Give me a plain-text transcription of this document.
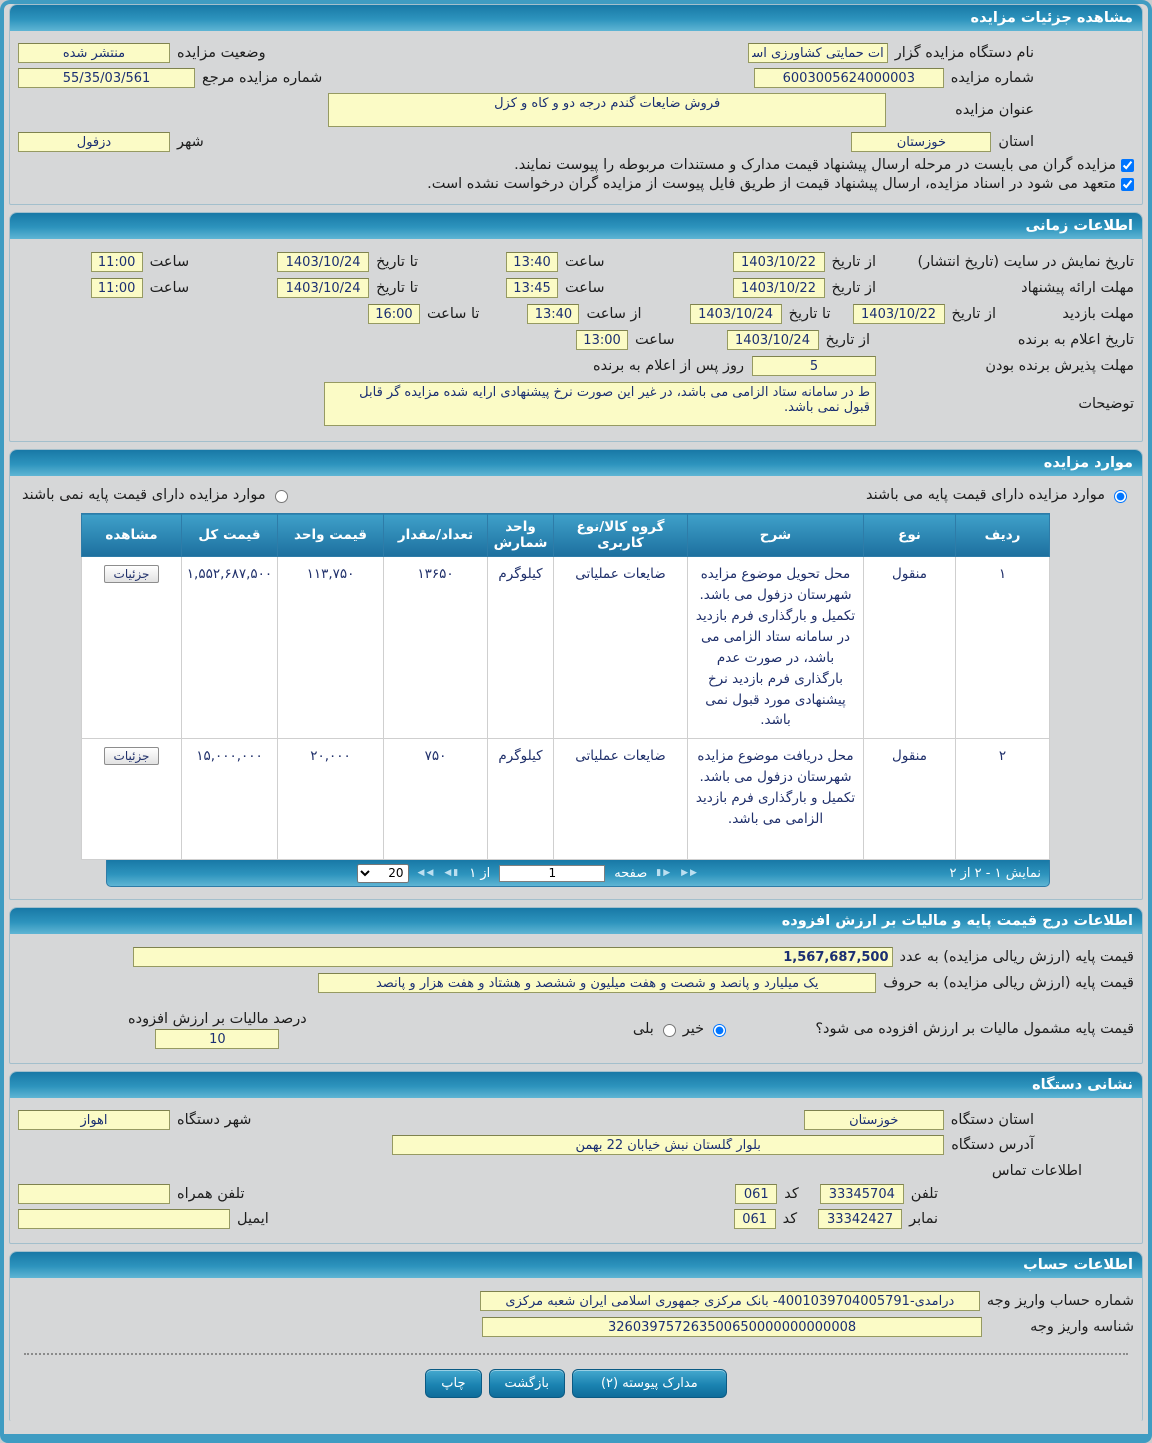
مشاهده جزئیات مزایده
نام دستگاه مزایده گزار
ات حمایتی کشاورزی استا
وضعیت مزایده
منتشر شده
شماره مزایده
6003005624000003
شماره مزایده مرجع
55/35/03/561
عنوان مزایده
فروش ضایعات گندم درجه دو و کاه و کزل
استان
خوزستان
شهر
دزفول
مزایده گران می بایست در مرحله ارسال پیشنهاد قیمت مدارک و مستندات مربوطه را پیوست نمایند.
متعهد می شود در اسناد مزایده، ارسال پیشنهاد قیمت از طریق فایل پیوست از مزایده گران درخواست نشده است.
اطلاعات زمانی
تاریخ نمایش در سایت ‎)‎تاریخ انتشار‎(‎
از تاریخ
1403/10/22
ساعت
13:40
تا تاریخ
1403/10/24
ساعت
11:00
مهلت ارائه پیشنهاد
از تاریخ
1403/10/22
ساعت
13:45
تا تاریخ
1403/10/24
ساعت
11:00
مهلت بازدید
از تاریخ
1403/10/22
تا تاریخ
1403/10/24
از ساعت
13:40
تا ساعت
16:00
تاریخ اعلام به برنده
از تاریخ
1403/10/24
ساعت
13:00
مهلت پذیرش برنده بودن
5
روز پس از اعلام به برنده
توضیحات
ط در سامانه ستاد الزامی می باشد، در غیر این صورت نرخ پیشنهادی ارایه شده مزایده گر قابل قبول نمی باشد.
موارد مزایده
موارد مزایده دارای قیمت پایه می باشند
موارد مزایده دارای قیمت پایه نمی باشند
ردیف	نوع	شرح	گروه کالا/نوع کاربری	واحد شمارش	تعداد/مقدار	قیمت واحد	قیمت کل	مشاهده
۱	منقول	محل تحویل موضوع مزایده شهرستان دزفول می باشد. تکمیل و بارگذاری فرم بازدید در سامانه ستاد الزامی می باشد، در صورت عدم بارگذاری فرم بازدید نرخ پیشنهادی مورد قبول نمی باشد.	ضایعات عملیاتی	کیلوگرم	۱۳۶۵۰	۱۱۳,۷۵۰	۱,۵۵۲,۶۸۷,۵۰۰	جزئیات
۲	منقول	محل دریافت موضوع مزایده شهرستان دزفول می باشد. تکمیل و بارگذاری فرم بازدید الزامی می باشد.	ضایعات عملیاتی	کیلوگرم	۷۵۰	۲۰,۰۰۰	۱۵,۰۰۰,۰۰۰	جزئیات
نمایش ۱ - ۲ از ۲
▶▶
▶▮
صفحه
1
از ۱
▮◀
◀◀
20
اطلاعات درج قیمت پایه و مالیات بر ارزش افزوده
قیمت پایه ‎)‎ارزش ریالی مزایده‎(‎ به عدد
1,567,687,500
قیمت پایه ‎)‎ارزش ریالی مزایده‎(‎ به حروف
یک میلیارد و پانصد و شصت و هفت میلیون و ششصد و هشتاد و هفت هزار و پانصد
قیمت پایه مشمول مالیات بر ارزش افزوده می شود؟
خیر
بلی
درصد مالیات بر ارزش افزوده
10
نشانی دستگاه
استان دستگاه
خوزستان
شهر دستگاه
اهواز
آدرس دستگاه
بلوار گلستان نبش خیابان 22 بهمن
اطلاعات تماس
تلفن
33345704
کد
061
تلفن همراه
نمابر
33342427
کد
061
ایمیل
اطلاعات حساب
شماره حساب واریز وجه
درآمدی-4001039704005791- بانک مرکزی جمهوری اسلامی ایران شعبه مرکزی
شناسه واریز وجه
326039757263500650000000000008
مدارک پیوسته (۲)
بازگشت
چاپ
